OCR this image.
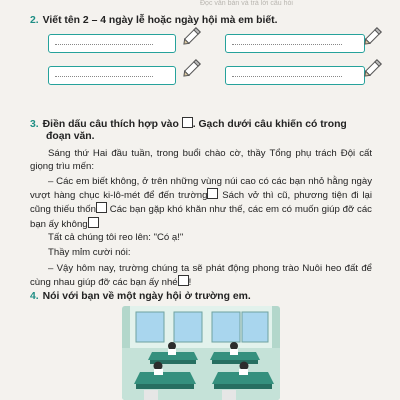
Đọc văn bản và trả lời câu hỏi
2. Viết tên 2 – 4 ngày lễ hoặc ngày hội mà em biết.
3. Điền dấu câu thích hợp vào . Gạch dưới câu khiến có trong
đoạn văn.
Sáng thứ Hai đầu tuần, trong buổi chào cờ, thầy Tổng phụ trách Đội cất giọng trìu mến:
– Các em biết không, ở trên những vùng núi cao có các bạn nhỏ hằng ngày vượt hàng chục ki-lô-mét để đến trường Sách vở thì cũ, phương tiện đi lại cũng thiếu thốn Các bạn gặp khó khăn như thế, các em có muốn giúp đỡ các bạn ấy không
Tất cả chúng tôi reo lên: "Có ạ!"
Thầy mỉm cười nói:
– Vậy hôm nay, trường chúng ta sẽ phát động phong trào Nuôi heo đất để cùng nhau giúp đỡ các bạn ấy nhé !
4. Nói với bạn về một ngày hội ở trường em.
